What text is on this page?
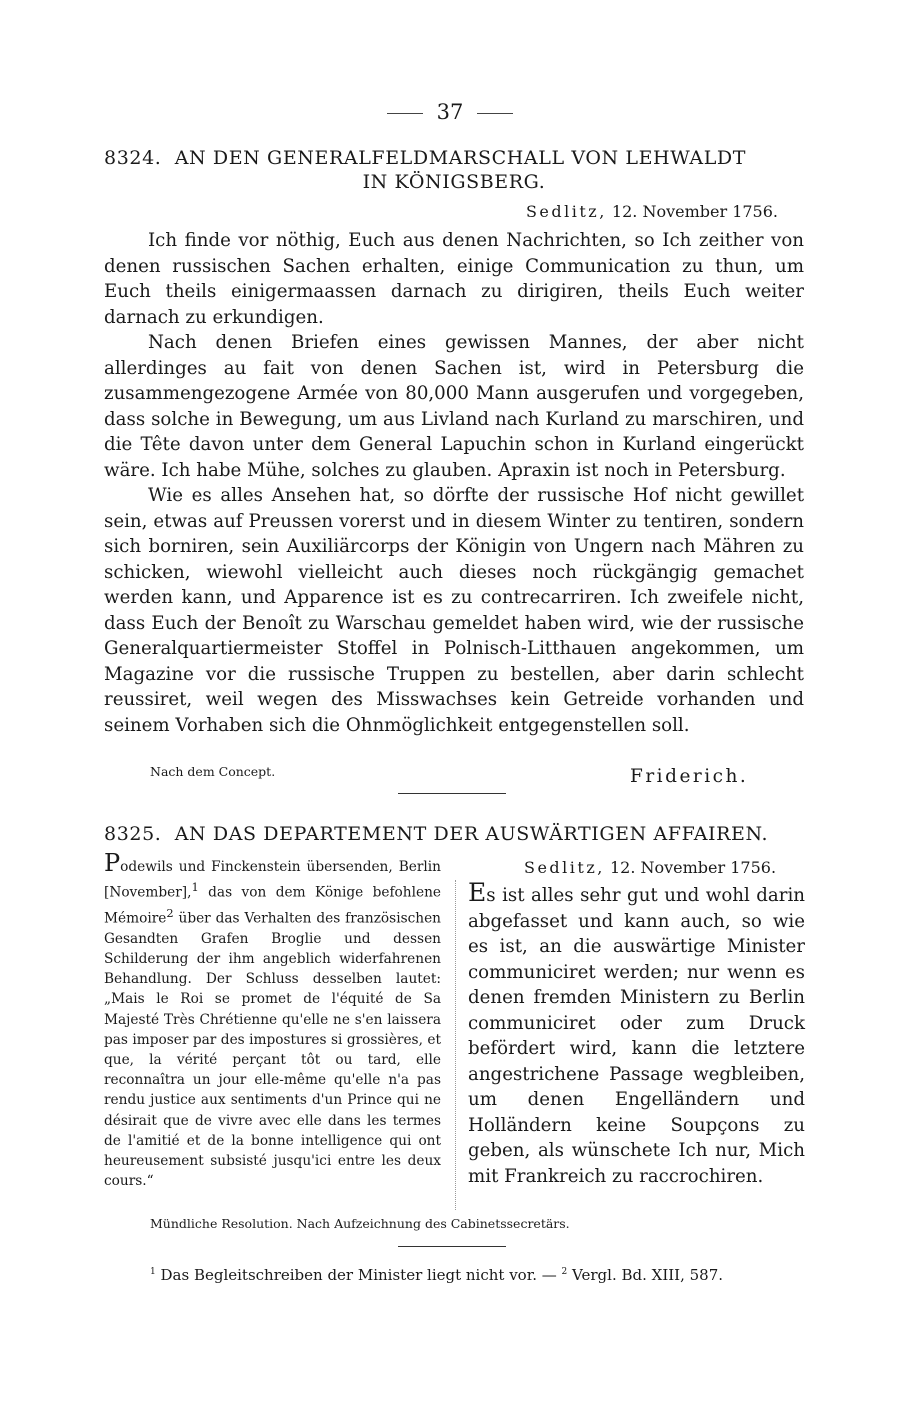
37
8324. AN DEN GENERALFELDMARSCHALL VON LEHWALDT
IN KÖNIGSBERG.
Sedlitz, 12. November 1756.

Ich finde vor nöthig, Euch aus denen Nachrichten, so Ich zeither von denen russischen Sachen erhalten, einige Communication zu thun, um Euch theils einigermaassen darnach zu dirigiren, theils Euch weiter darnach zu erkundigen.

Nach denen Briefen eines gewissen Mannes, der aber nicht allerdinges au fait von denen Sachen ist, wird in Petersburg die zusammengezogene Armée von 80,000 Mann ausgerufen und vorgegeben, dass solche in Bewegung, um aus Livland nach Kurland zu marschiren, und die Tête davon unter dem General Lapuchin schon in Kurland eingerückt wäre. Ich habe Mühe, solches zu glauben. Apraxin ist noch in Petersburg.

Wie es alles Ansehen hat, so dörfte der russische Hof nicht gewillet sein, etwas auf Preussen vorerst und in diesem Winter zu tentiren, sondern sich borniren, sein Auxiliärcorps der Königin von Ungern nach Mähren zu schicken, wiewohl vielleicht auch dieses noch rückgängig gemachet werden kann, und Apparence ist es zu contrecarriren. Ich zweifele nicht, dass Euch der Benoît zu Warschau gemeldet haben wird, wie der russische Generalquartiermeister Stoffel in Polnisch-Litthauen angekommen, um Magazine vor die russische Truppen zu bestellen, aber darin schlecht reussiret, weil wegen des Misswachses kein Getreide vorhanden und seinem Vorhaben sich die Ohnmöglichkeit entgegenstellen soll.

Nach dem Concept.	Friderich.
8325. AN DAS DEPARTEMENT DER AUSWÄRTIGEN AFFAIREN.
Podewils und Finckenstein übersenden, Berlin [November],$^1$ das von dem Könige befohlene Mémoire$^2$ über das Verhalten des französischen Gesandten Grafen Broglie und dessen Schilderung der ihm angeblich widerfahrenen Behandlung. Der Schluss desselben lautet: „Mais le Roi se promet de l'équité de Sa Majesté Très Chrétienne qu'elle ne s'en laissera pas imposer par des impostures si grossières, et que, la vérité perçant tôt ou tard, elle reconnaîtra un jour elle-même qu'elle n'a pas rendu justice aux sentiments d'un Prince qui ne désirait que de vivre avec elle dans les termes de l'amitié et de la bonne intelligence qui ont heureusement subsisté jusqu'ici entre les deux cours.“
Sedlitz, 12. November 1756.
Es ist alles sehr gut und wohl darin abgefasset und kann auch, so wie es ist, an die auswärtige Minister communiciret werden; nur wenn es denen fremden Ministern zu Berlin communiciret oder zum Druck befördert wird, kann die letztere angestrichene Passage wegbleiben, um denen Engelländern und Holländern keine Soupçons zu geben, als wünschete Ich nur, Mich mit Frankreich zu raccrochiren.
Mündliche Resolution. Nach Aufzeichnung des Cabinetssecretärs.
$^1$ Das Begleitschreiben der Minister liegt nicht vor. — $^2$ Vergl. Bd. XIII, 587.
